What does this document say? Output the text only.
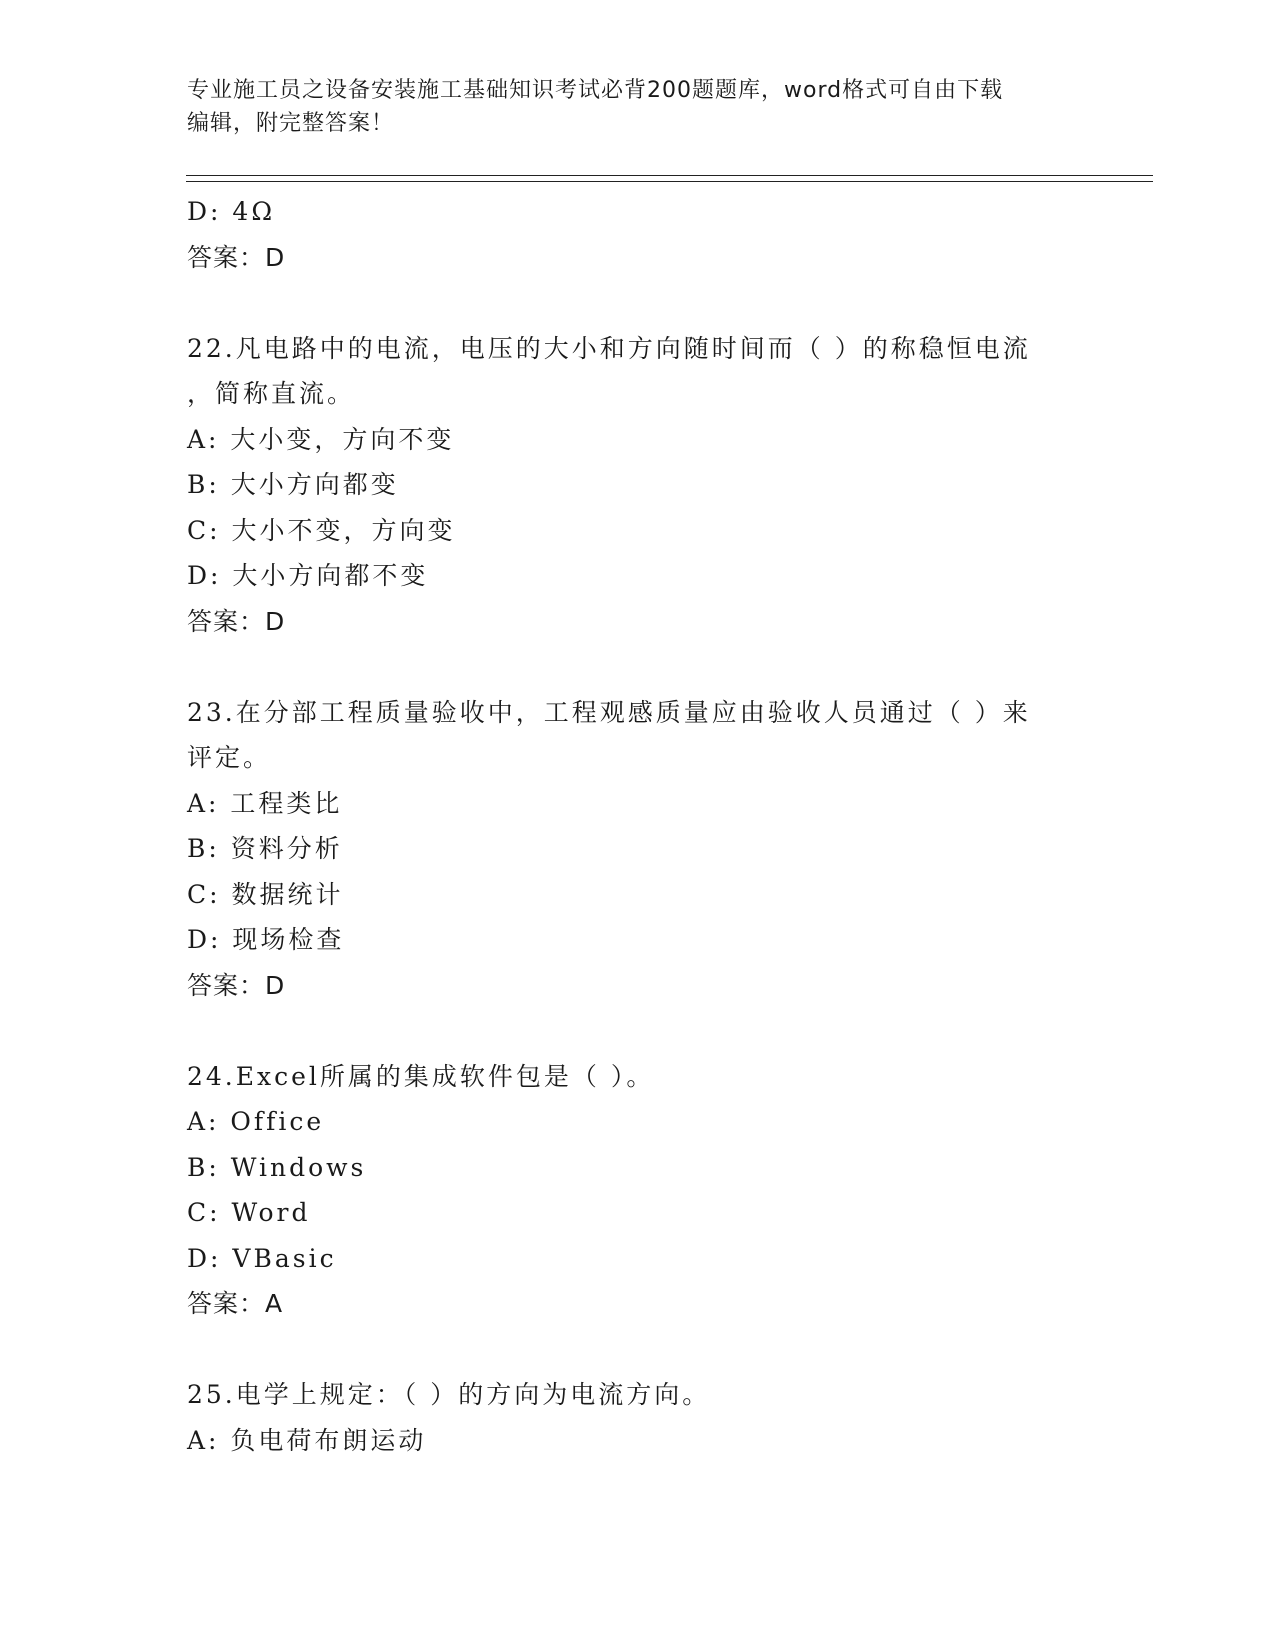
专业施工员之设备安装施工基础知识考试必背200题题库，word格式可自由下载
编辑，附完整答案！
D: 4Ω
答案：D
22.凡电路中的电流，电压的大小和方向随时间而（ ）的称稳恒电流
，简称直流。
A: 大小变，方向不变
B: 大小方向都变
C: 大小不变，方向变
D: 大小方向都不变
答案：D
23.在分部工程质量验收中，工程观感质量应由验收人员通过（ ）来
评定。
A: 工程类比
B: 资料分析
C: 数据统计
D: 现场检查
答案：D
24.Excel所属的集成软件包是（ ）。
A: Office
B: Windows
C: Word
D: VBasic
答案：A
25.电学上规定：（ ）的方向为电流方向。
A: 负电荷布朗运动
